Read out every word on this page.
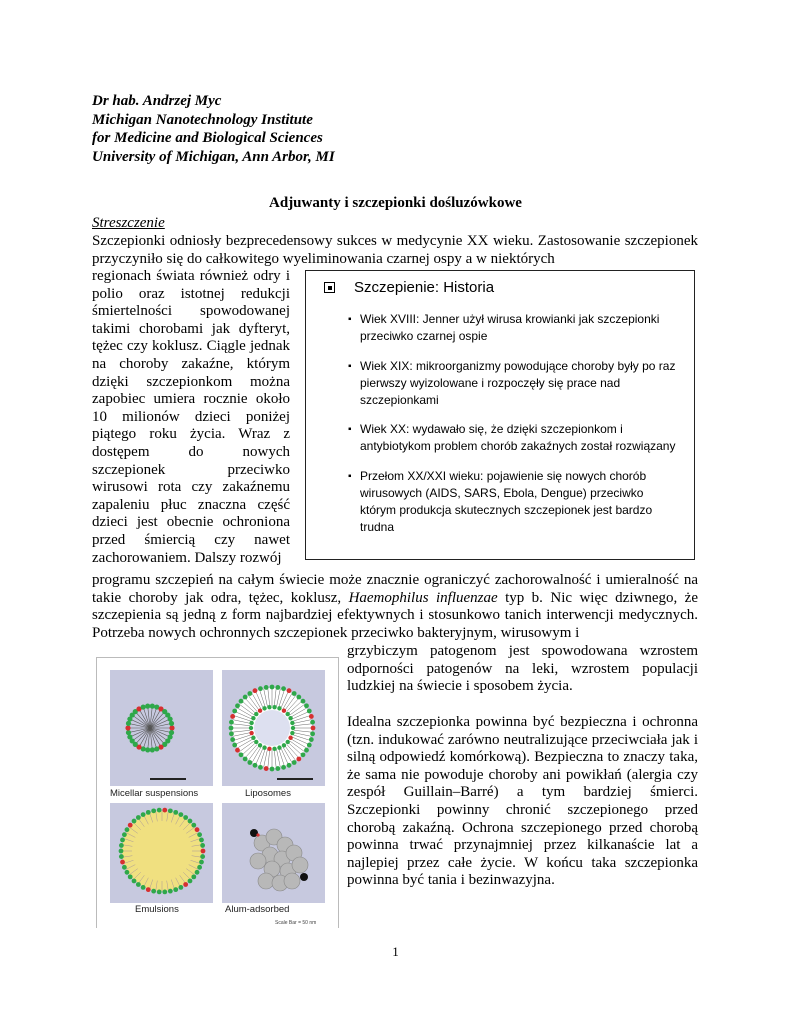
Dr hab. Andrzej Myc
Michigan Nanotechnology Institute
for Medicine and Biological Sciences
University of Michigan, Ann Arbor, MI
Adjuwanty i szczepionki dośluzówkowe
Streszczenie
Szczepionki odniosły bezprecedensowy sukces w medycynie XX wieku. Zastosowanie szczepionek przyczyniło się do całkowitego wyeliminowania czarnej ospy a w niektórych
regionach świata również odry i polio oraz istotnej redukcji śmiertelności spowodowanej takimi chorobami jak dyfteryt, tężec czy koklusz. Ciągle jednak na choroby zakaźne, którym dzięki szczepionkom można zapobiec umiera rocznie około 10 milionów dzieci poniżej piątego roku życia. Wraz z dostępem do nowych szczepionek przeciwko wirusowi rota czy zakaźnemu zapaleniu płuc znaczna część dzieci jest obecnie ochroniona przed śmiercią czy nawet zachorowaniem. Dalszy rozwój
Szczepienie: Historia
▪ Wiek XVIII: Jenner użył wirusa krowianki jak szczepionki przeciwko czarnej ospie
▪ Wiek XIX: mikroorganizmy powodujące choroby były po raz pierwszy wyizolowane i rozpoczęły się prace nad szczepionkami
▪ Wiek XX: wydawało się, że dzięki szczepionkom i antybiotykom problem chorób zakaźnych został rozwiązany
▪ Przełom XX/XXI wieku: pojawienie się nowych chorób wirusowych (AIDS, SARS, Ebola, Dengue) przeciwko którym produkcja skutecznych szczepionek jest bardzo trudna
programu szczepień na całym świecie może znacznie ograniczyć zachorowalność i umieralność na takie choroby jak odra, tężec, koklusz, Haemophilus influenzae typ b. Nic więc dziwnego, że szczepienia są jedną z form najbardziej efektywnych i stosunkowo tanich interwencji medycznych. Potrzeba nowych ochronnych szczepionek przeciwko bakteryjnym, wirusowym i
grzybiczym patogenom jest spowodowana wzrostem odporności patogenów na leki, wzrostem populacji ludzkiej na świecie i sposobem życia.
Idealna szczepionka powinna być bezpieczna i ochronna (tzn. indukować zarówno neutralizujące przeciwciała jak i silną odpowiedź komórkową). Bezpieczna to znaczy taka, że sama nie powoduje choroby ani powikłań (alergia czy zespół Guillain–Barré) a tym bardziej śmierci. Szczepionki powinny chronić szczepionego przed chorobą zakaźną. Ochrona szczepionego przed chorobą powinna trwać przynajmniej przez kilkanaście lat a najlepiej przez całe życie. W końcu taka szczepionka powinna być tania i bezinwazyjna.
Micellar suspensions	Liposomes
Emulsions	Alum-adsorbed
Scale Bar = 50 nm
1
